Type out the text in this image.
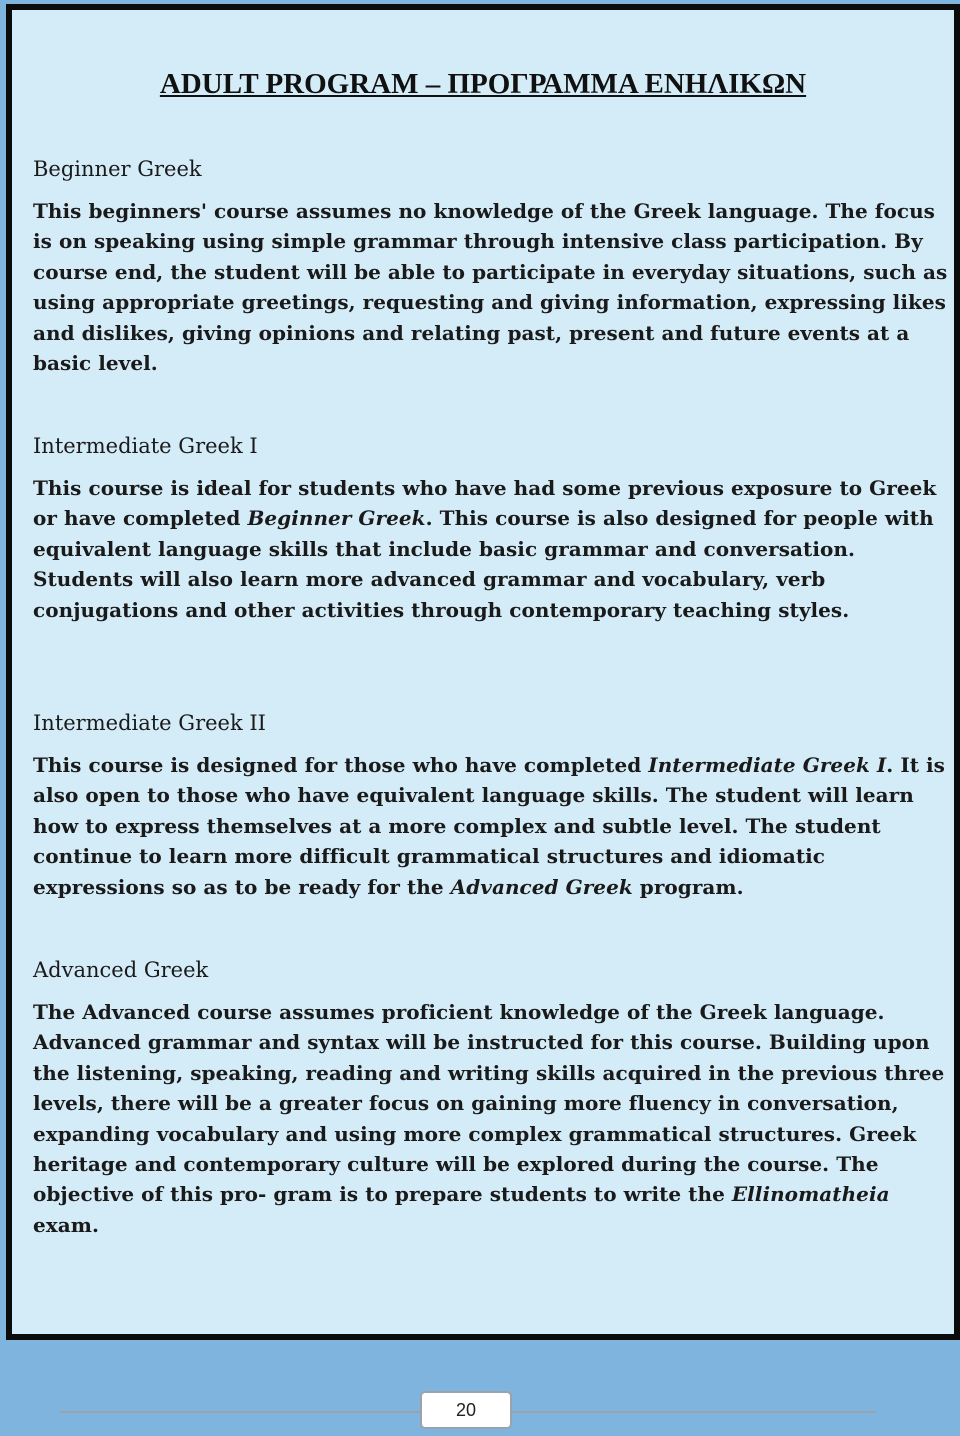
ADULT PROGRAM – ΠΡΟΓΡΑΜΜΑ ΕΝΗΛΙΚΩΝ
Beginner Greek

This beginners' course assumes no knowledge of the Greek language. The focus is on speaking using simple grammar through intensive class participation. By course end, the student will be able to participate in everyday situations, such as using appropriate greetings, requesting and giving information, expressing likes and dislikes, giving opinions and relating past, present and future events at a basic level.

Intermediate Greek I

This course is ideal for students who have had some previous exposure to Greek or have completed Beginner Greek. This course is also designed for people with equivalent language skills that include basic grammar and conversation. Students will also learn more advanced grammar and vocabulary, verb conjugations and other activities through contemporary teaching styles.

Intermediate Greek II

This course is designed for those who have completed Intermediate Greek I. It is also open to those who have equivalent language skills. The student will learn how to express themselves at a more complex and subtle level. The student continue to learn more difficult grammatical structures and idiomatic expressions so as to be ready for the Advanced Greek program.

Advanced Greek

The Advanced course assumes proficient knowledge of the Greek language. Advanced grammar and syntax will be instructed for this course. Building upon the listening, speaking, reading and writing skills acquired in the previous three levels, there will be a greater focus on gaining more fluency in conversation, expanding vocabulary and using more complex grammatical structures. Greek heritage and contemporary culture will be explored during the course. The objective of this pro- gram is to prepare students to write the Ellinomatheia exam.

20
